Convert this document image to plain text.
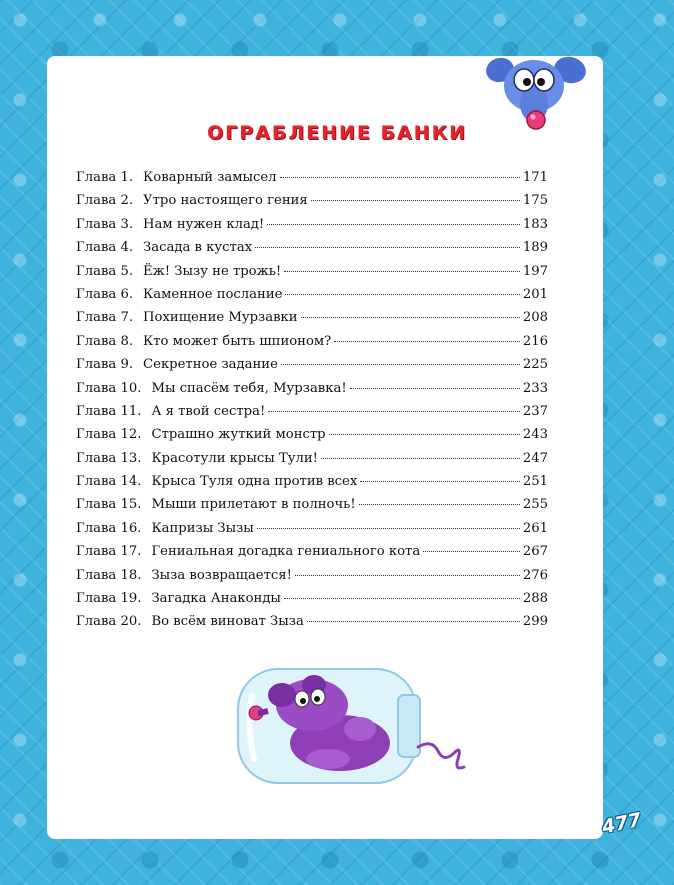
ОГРАБЛЕНИЕ БАНКИ
Глава 1. Коварный замысел	171
Глава 2. Утро настоящего гения	175
Глава 3. Нам нужен клад!	183
Глава 4. Засада в кустах	189
Глава 5. Ёж! Зызу не трожь!	197
Глава 6. Каменное послание	201
Глава 7. Похищение Мурзавки	208
Глава 8. Кто может быть шпионом?	216
Глава 9. Секретное задание	225
Глава 10. Мы спасём тебя, Мурзавка!	233
Глава 11. А я твой сестра!	237
Глава 12. Страшно жуткий монстр	243
Глава 13. Красотули крысы Тули!	247
Глава 14. Крыса Туля одна против всех	251
Глава 15. Мыши прилетают в полночь!	255
Глава 16. Капризы Зызы	261
Глава 17. Гениальная догадка гениального кота	267
Глава 18. Зыза возвращается!	276
Глава 19. Загадка Анаконды	288
Глава 20. Во всём виноват Зыза	299
477
